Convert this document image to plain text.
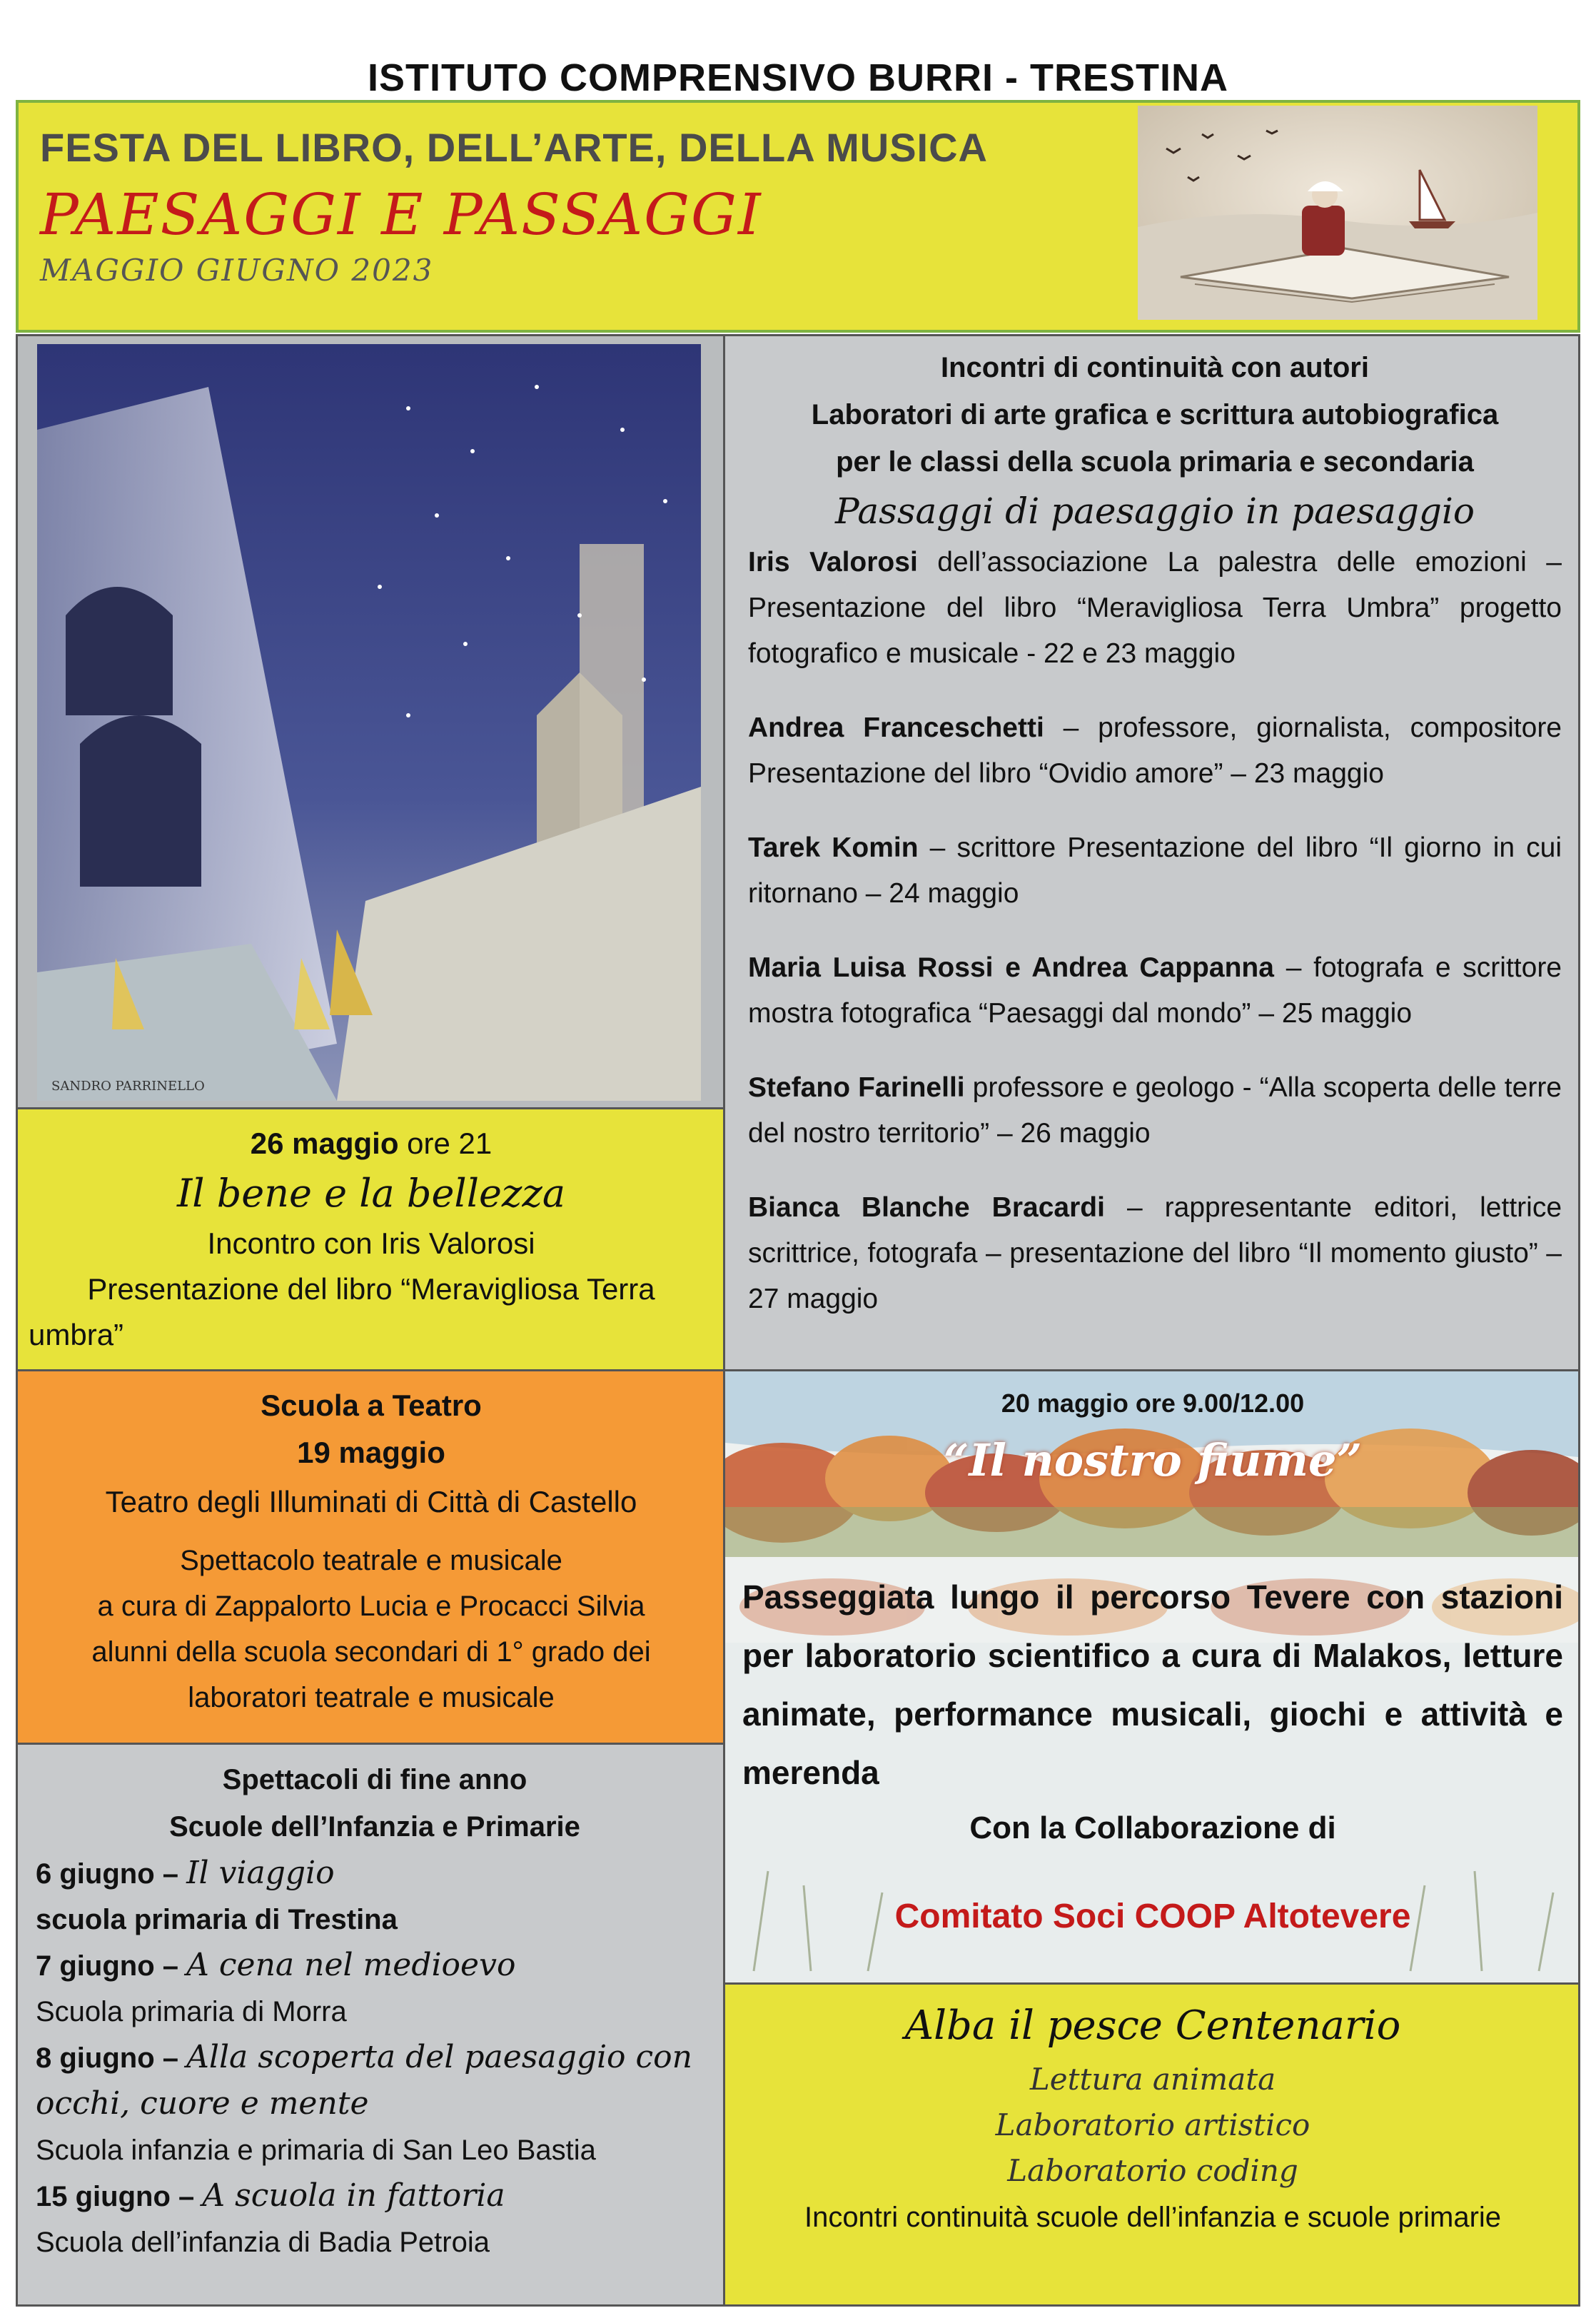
ISTITUTO COMPRENSIVO BURRI - TRESTINA
FESTA DEL LIBRO, DELL’ARTE, DELLA MUSICA
PAESAGGI E PASSAGGI
MAGGIO GIUGNO 2023
SANDRO PARRINELLO
26 maggio ore 21
Il bene e la bellezza
Incontro con Iris Valorosi
Presentazione del libro “Meravigliosa Terra
umbra”
Incontri di continuità con autori
Laboratori di arte grafica e scrittura autobiografica
per le classi della scuola primaria e secondaria
Passaggi di paesaggio in paesaggio

Iris Valorosi dell’associazione La palestra delle emozioni – Presentazione del libro “Meravigliosa Terra Umbra” progetto fotografico e musicale - 22 e 23 maggio

Andrea Franceschetti – professore, giornalista, compositore Presentazione del libro “Ovidio amore” – 23 maggio

Tarek Komin – scrittore Presentazione del libro “Il giorno in cui ritornano – 24 maggio

Maria Luisa Rossi e Andrea Cappanna – fotografa e scrittore mostra fotografica “Paesaggi dal mondo” – 25 maggio

Stefano Farinelli professore e geologo - “Alla scoperta delle terre del nostro territorio” – 26 maggio

Bianca Blanche Bracardi – rappresentante editori, lettrice scrittrice, fotografa – presentazione del libro “Il momento giusto” – 27 maggio

Scuola a Teatro
19 maggio
Teatro degli Illuminati di Città di Castello
Spettacolo teatrale e musicale
a cura di Zappalorto Lucia e Procacci Silvia
alunni della scuola secondari di 1° grado dei
laboratori teatrale e musicale
Spettacoli di fine anno
Scuole dell’Infanzia e Primarie
6 giugno – Il viaggio
scuola primaria di Trestina
7 giugno – A cena nel medioevo
Scuola primaria di Morra
8 giugno – Alla scoperta del paesaggio con occhi, cuore e mente
Scuola infanzia e primaria di San Leo Bastia
15 giugno – A scuola in fattoria
Scuola dell’infanzia di Badia Petroia
20 maggio ore 9.00/12.00
“Il nostro fiume”
Passeggiata lungo il percorso Tevere con stazioni per laboratorio scientifico a cura di Malakos, letture animate, performance musicali, giochi e attività e merenda
Con la Collaborazione di
Comitato Soci COOP Altotevere
Alba il pesce Centenario
Lettura animata
Laboratorio artistico
Laboratorio coding
Incontri continuità scuole dell’infanzia e scuole primarie
